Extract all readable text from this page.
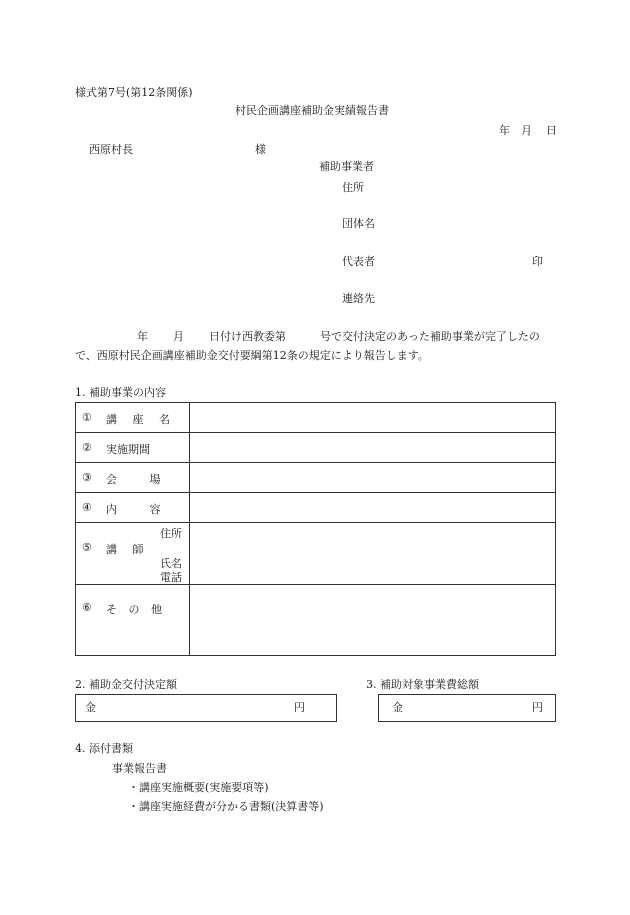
様式第7号(第12条関係)
村民企画講座補助金実績報告書
年 月 日
西原村長	様
補助事業者
住所
団体名
代表者	印
連絡先
年 月 日付け西教委第	号で交付決定のあった補助事業が完了したの
で、西原村民企画講座補助金交付要綱第12条の規定により報告します。
1. 補助事業の内容
① 講 座 名	

② 実施期間	

③ 会　 場	

④ 内　 容	

住所
⑤ 講 師
氏名
電話	

⑥ そ の 他	

2. 補助金交付決定額
金	円
3. 補助対象事業費総額
金	円
4. 添付書類
事業報告書
・講座実施概要(実施要項等)
・講座実施経費が分かる書類(決算書等)
